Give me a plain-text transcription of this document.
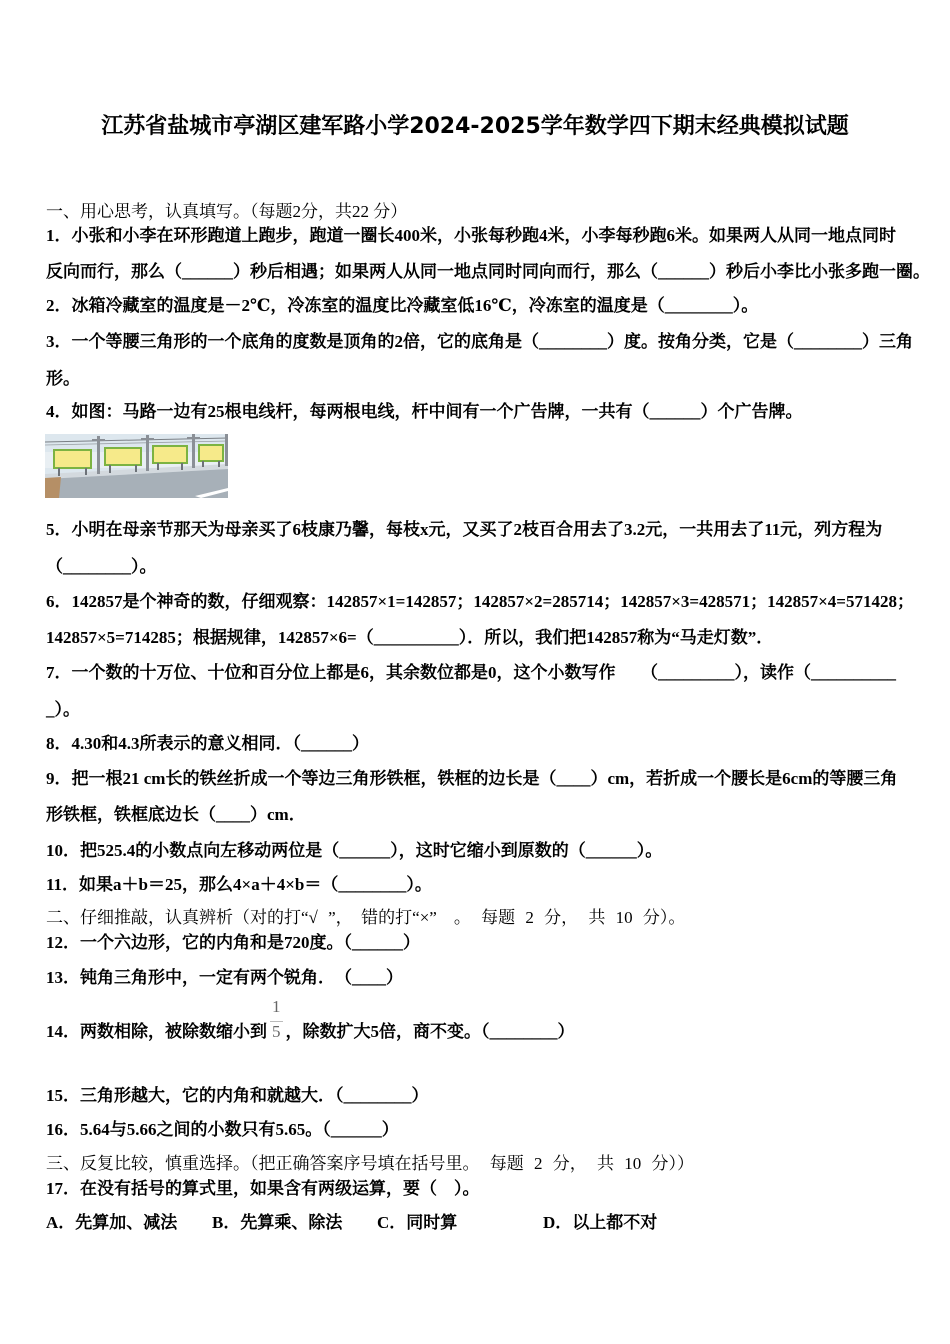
江苏省盐城市亭湖区建军路小学2024-2025学年数学四下期末经典模拟试题
一、用心思考，认真填写。（每题2分，共22 分）
1．小张和小李在环形跑道上跑步，跑道一圈长400米，小张每秒跑4米，小李每秒跑6米。如果两人从同一地点同时
反向而行，那么（______）秒后相遇；如果两人从同一地点同时同向而行，那么（______）秒后小李比小张多跑一圈。
2．冰箱冷藏室的温度是－2℃，冷冻室的温度比冷藏室低16℃，冷冻室的温度是（________）。
3．一个等腰三角形的一个底角的度数是顶角的2倍，它的底角是（________）度。按角分类，它是（________）三角
形。
4．如图：马路一边有25根电线杆，每两根电线，杆中间有一个广告牌，一共有（______）个广告牌。
5．小明在母亲节那天为母亲买了6枝康乃馨，每枝x元，又买了2枝百合用去了3.2元，一共用去了11元，列方程为
（________）。
6．142857是个神奇的数，仔细观察：142857×1=142857；142857×2=285714；142857×3=428571；142857×4=571428；
142857×5=714285；根据规律，142857×6=（__________）．所以，我们把142857称为“马走灯数”．
7．一个数的十万位、十位和百分位上都是6，其余数位都是0，这个小数写作　　（_________），读作（__________
_）。
8．4.30和4.3所表示的意义相同．（______）
9．把一根21 cm长的铁丝折成一个等边三角形铁框，铁框的边长是（____）cm，若折成一个腰长是6cm的等腰三角
形铁框，铁框底边长（____）cm．
10．把525.4的小数点向左移动两位是（______），这时它缩小到原数的（______）。
11．如果a＋b＝25，那么4×a＋4×b＝（________）。
二、仔细推敲，认真辨析（对的打“√ ”，　错的打“×”　。 每题 2 分， 共 10 分）。
12．一个六边形，它的内角和是720度。（______）
13．钝角三角形中，一定有两个锐角．　（____）
14．两数相除，被除数缩小到 $\frac{1}{5}$ ，除数扩大5倍，商不变。（________）
15．三角形越大，它的内角和就越大．（________）
16．5.64与5.66之间的小数只有5.65。（______）
三、反复比较，慎重选择。（把正确答案序号填在括号里。 每题 2 分， 共 10 分））
17．在没有括号的算式里，如果含有两级运算，要（　）。
A．先算加、减法 B．先算乘、除法 C．同时算	D．以上都不对
